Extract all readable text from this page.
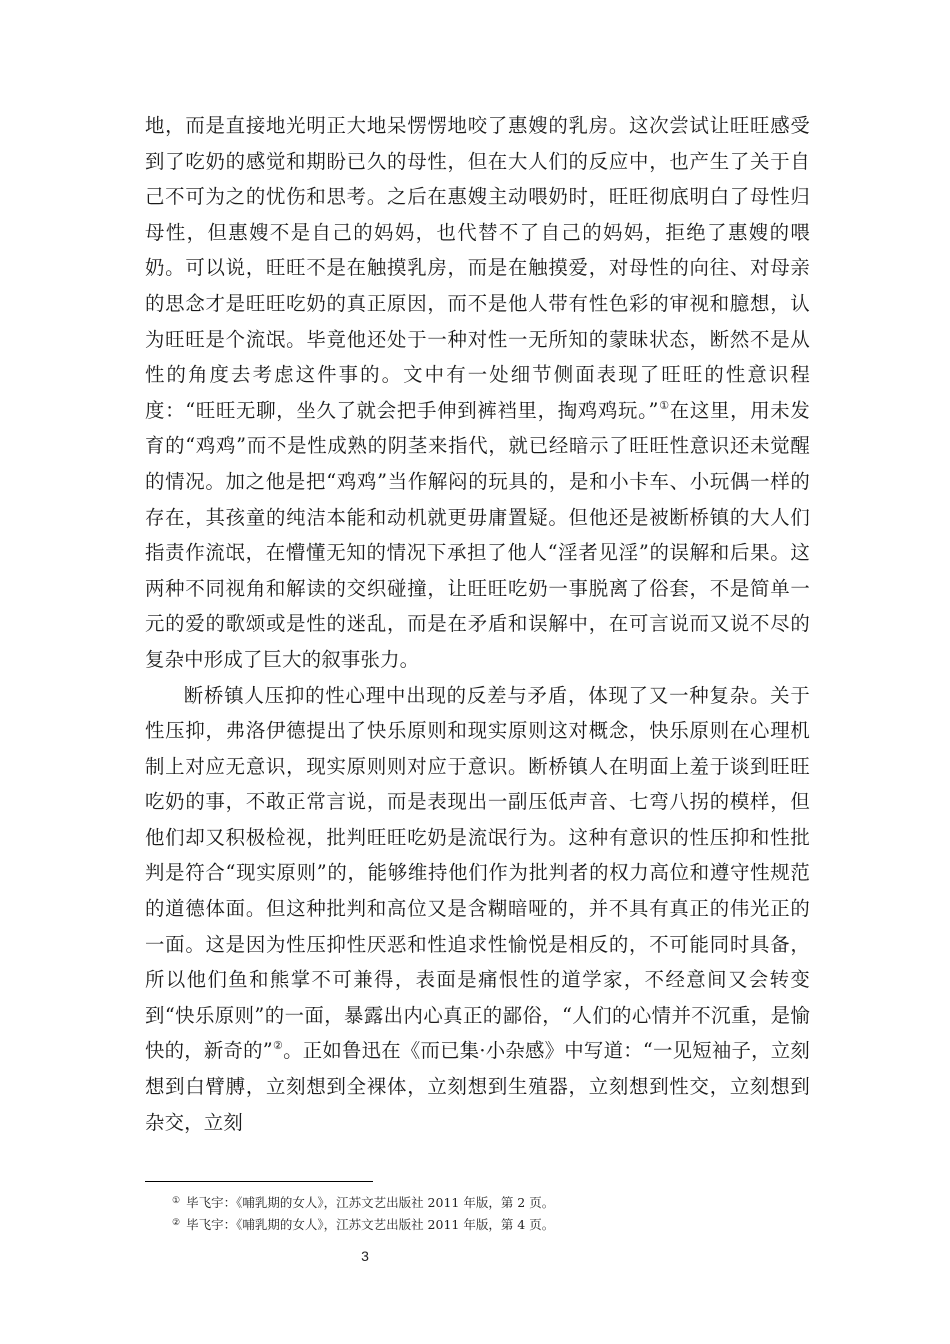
地，而是直接地光明正大地呆愣愣地咬了惠嫂的乳房。这次尝试让旺旺感受到了吃奶的感觉和期盼已久的母性，但在大人们的反应中，也产生了关于自己不可为之的忧伤和思考。之后在惠嫂主动喂奶时，旺旺彻底明白了母性归母性，但惠嫂不是自己的妈妈，也代替不了自己的妈妈，拒绝了惠嫂的喂奶。可以说，旺旺不是在触摸乳房，而是在触摸爱，对母性的向往、对母亲的思念才是旺旺吃奶的真正原因，而不是他人带有性色彩的审视和臆想，认为旺旺是个流氓。毕竟他还处于一种对性一无所知的蒙昧状态，断然不是从性的角度去考虑这件事的。文中有一处细节侧面表现了旺旺的性意识程度：“旺旺无聊，坐久了就会把手伸到裤裆里，掏鸡鸡玩。”①在这里，用未发育的“鸡鸡”而不是性成熟的阴茎来指代，就已经暗示了旺旺性意识还未觉醒的情况。加之他是把“鸡鸡”当作解闷的玩具的，是和小卡车、小玩偶一样的存在，其孩童的纯洁本能和动机就更毋庸置疑。但他还是被断桥镇的大人们指责作流氓，在懵懂无知的情况下承担了他人“淫者见淫”的误解和后果。这两种不同视角和解读的交织碰撞，让旺旺吃奶一事脱离了俗套，不是简单一元的爱的歌颂或是性的迷乱，而是在矛盾和误解中，在可言说而又说不尽的复杂中形成了巨大的叙事张力。

断桥镇人压抑的性心理中出现的反差与矛盾，体现了又一种复杂。关于性压抑，弗洛伊德提出了快乐原则和现实原则这对概念，快乐原则在心理机制上对应无意识，现实原则则对应于意识。断桥镇人在明面上羞于谈到旺旺吃奶的事，不敢正常言说，而是表现出一副压低声音、七弯八拐的模样，但他们却又积极检视，批判旺旺吃奶是流氓行为。这种有意识的性压抑和性批判是符合“现实原则”的，能够维持他们作为批判者的权力高位和遵守性规范的道德体面。但这种批判和高位又是含糊暗哑的，并不具有真正的伟光正的一面。这是因为性压抑性厌恶和性追求性愉悦是相反的，不可能同时具备，所以他们鱼和熊掌不可兼得，表面是痛恨性的道学家，不经意间又会转变到“快乐原则”的一面，暴露出内心真正的鄙俗，“人们的心情并不沉重，是愉快的，新奇的”②。正如鲁迅在《而已集·小杂感》中写道：“一见短袖子，立刻想到白臂膊，立刻想到全裸体，立刻想到生殖器，立刻想到性交，立刻想到杂交，立刻

① 毕飞宇：《哺乳期的女人》，江苏文艺出版社 2011 年版，第 2 页。
② 毕飞宇：《哺乳期的女人》，江苏文艺出版社 2011 年版，第 4 页。
3
